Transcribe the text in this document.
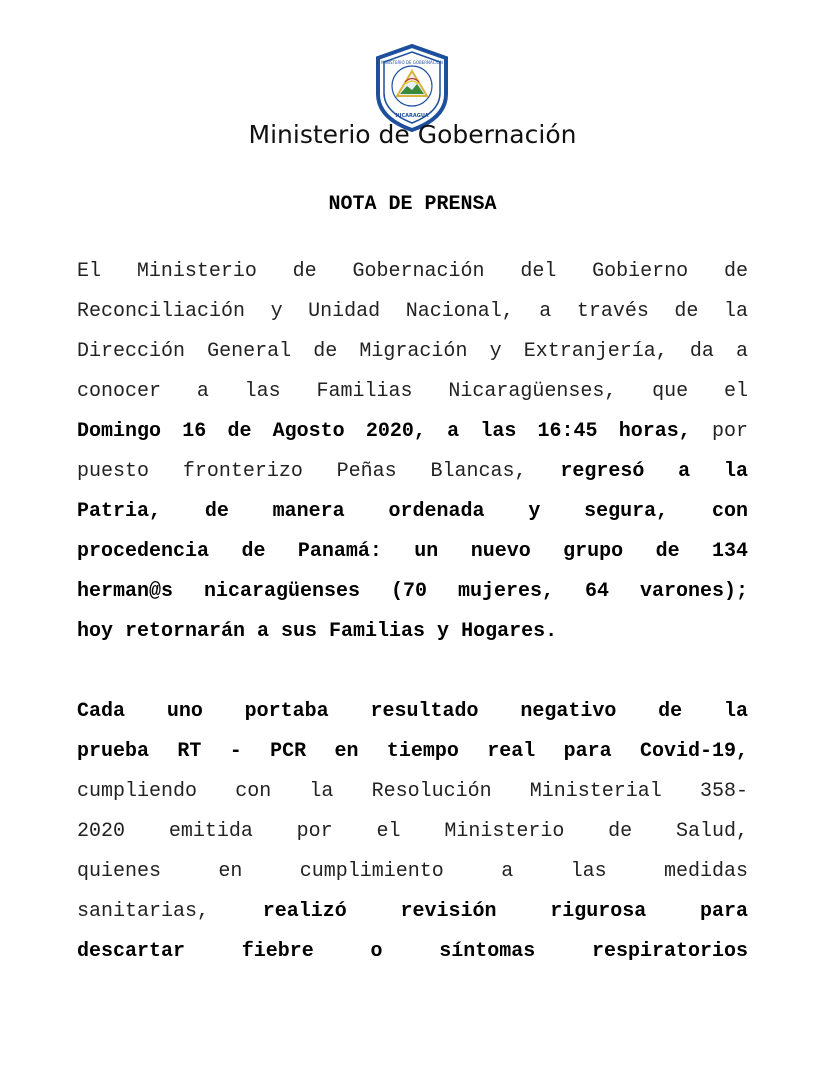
MINISTERIO DE GOBERNACIÓN
NICARAGUA
Ministerio de Gobernación
NOTA DE PRENSA
El Ministerio de Gobernación del Gobierno de
Reconciliación y Unidad Nacional, a través de la
Dirección General de Migración y Extranjería, da a
conocer a las Familias Nicaragüenses, que el
Domingo 16 de Agosto 2020, a las 16:45 horas, por
puesto fronterizo Peñas Blancas, regresó a la
Patria, de manera ordenada y segura, con
procedencia de Panamá: un nuevo grupo de 134
herman@s nicaragüenses (70 mujeres, 64 varones);
hoy retornarán a sus Familias y Hogares.
Cada uno portaba resultado negativo de la
prueba RT - PCR en tiempo real para Covid-19,
cumpliendo con la Resolución Ministerial 358-
2020 emitida por el Ministerio de Salud,
quienes en cumplimiento a las medidas
sanitarias, realizó revisión rigurosa para
descartar fiebre o síntomas respiratorios
